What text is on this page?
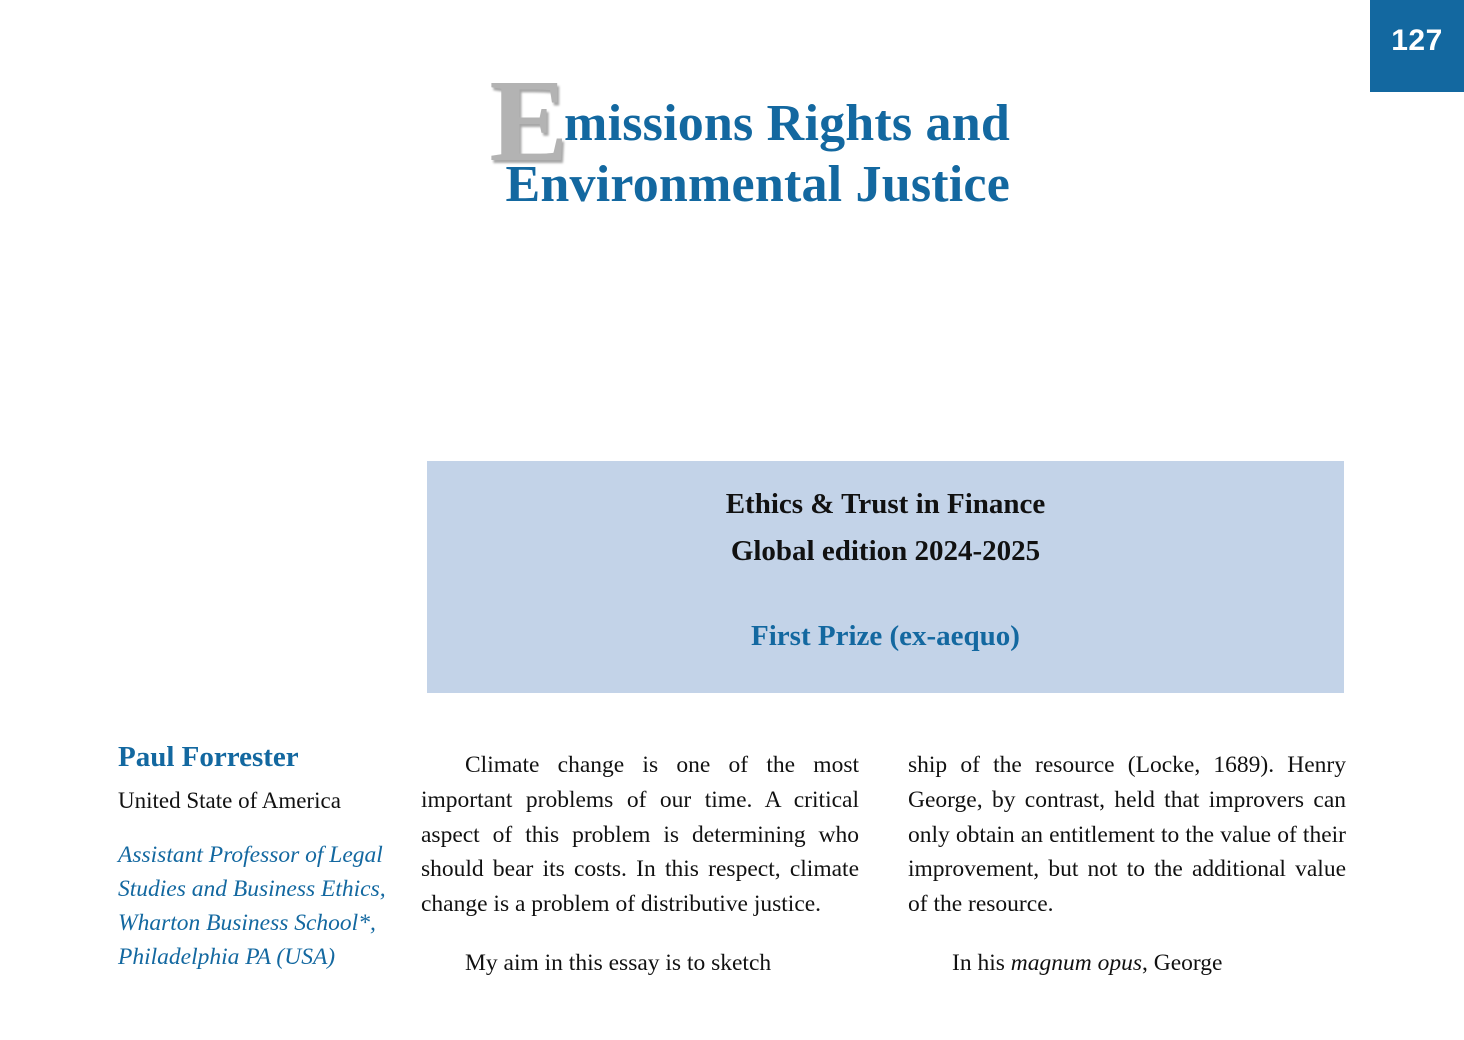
127
Emissions Rights and
Environmental Justice
Ethics & Trust in Finance
Global edition 2024-2025
First Prize (ex-aequo)
Paul Forrester
United State of America
Assistant Professor of Legal Studies and Business Ethics, Wharton Business School*, Philadelphia PA (USA)

Climate change is one of the most important problems of our time. A critical aspect of this problem is determining who should bear its costs. In this respect, climate change is a problem of distributive justice.

My aim in this essay is to sketch

ship of the resource (Locke, 1689). Henry George, by contrast, held that improvers can only obtain an entitlement to the value of their improvement, but not to the additional value of the resource.

In his magnum opus, George
